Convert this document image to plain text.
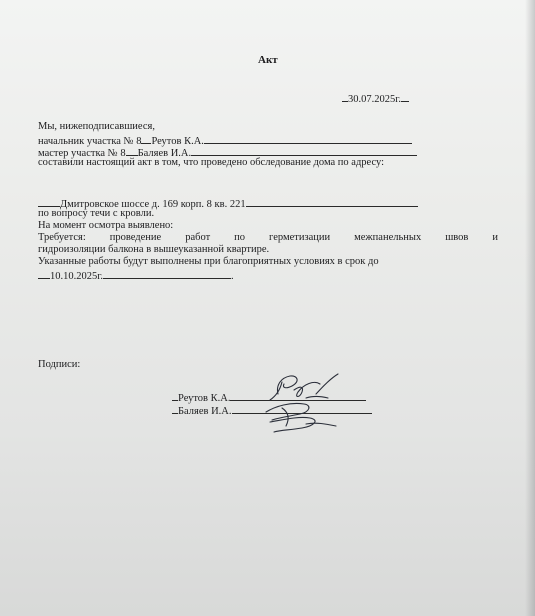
Акт
30.07.2025г.
Мы, нижеподписавшиеся,
начальник участка № 8 Реутов К.А.
мастер участка № 8 Баляев И.А.
составили настоящий акт в том, что проведено обследование дома по адресу:
Дмитровское шоссе д. 169 корп. 8 кв. 221
по вопросу течи с кровли.
На момент осмотра выявлено:
Требуется: проведение работ по герметизации межпанельных швов и
гидроизоляции балкона в вышеуказанной квартире.
Указанные работы будут выполнены при благоприятных условиях в срок до
10.10.2025г.	.
Подписи:
Реутов К.А.
Баляев И.А.
